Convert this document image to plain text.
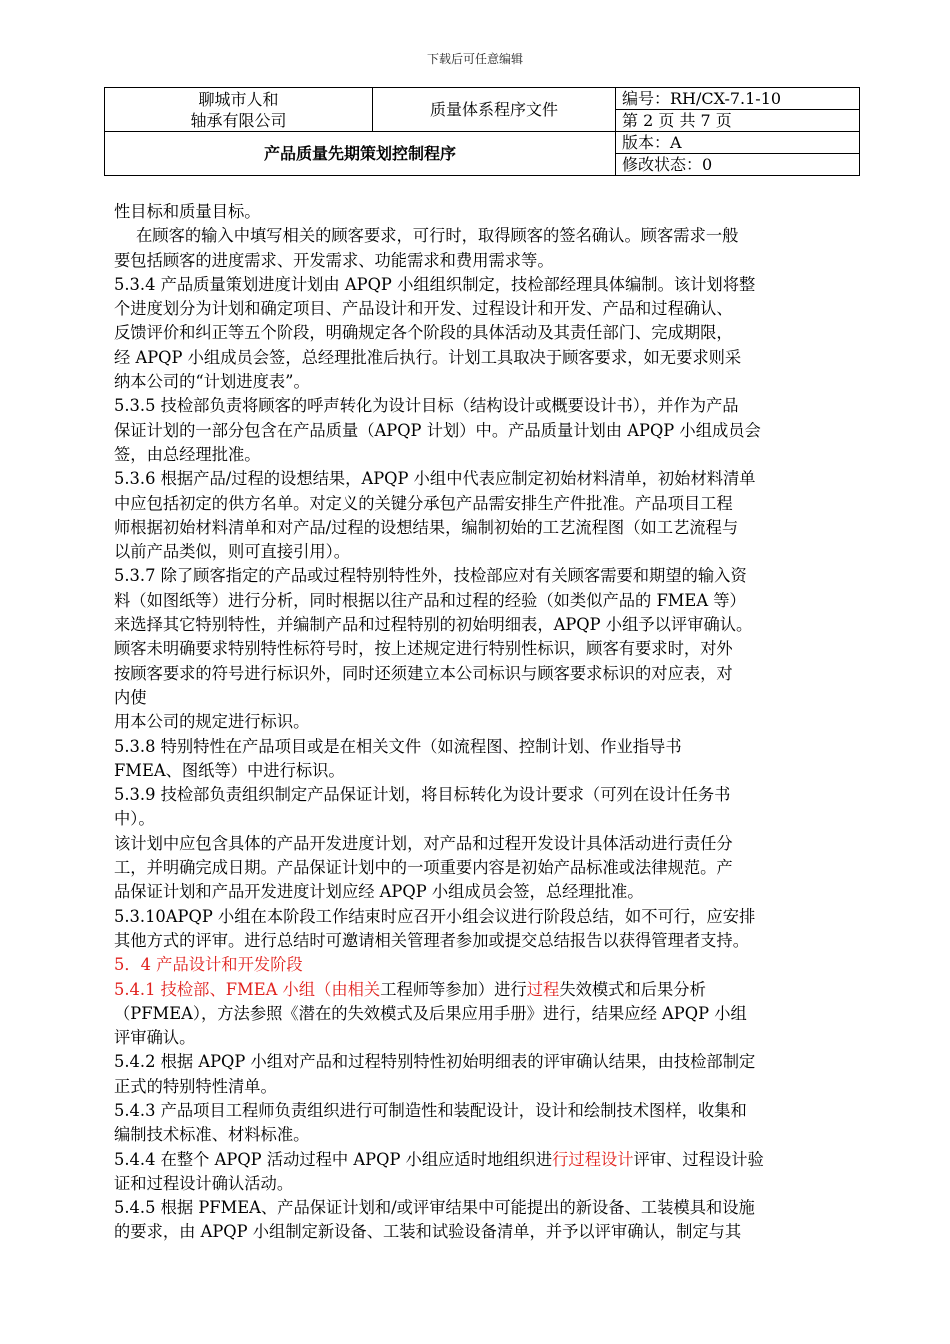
下载后可任意编辑
聊城市人和
轴承有限公司	质量体系程序文件	编号：RH/CX-7.1-10
		第 2 页 共 7 页
产品质量先期策划控制程序		版本：A
		修改状态：0

性目标和质量目标。

在顾客的输入中填写相关的顾客要求，可行时，取得顾客的签名确认。顾客需求一般

要包括顾客的进度需求、开发需求、功能需求和费用需求等。

5.3.4 产品质量策划进度计划由 APQP 小组组织制定，技检部经理具体编制。该计划将整

个进度划分为计划和确定项目、产品设计和开发、过程设计和开发、产品和过程确认、

反馈评价和纠正等五个阶段，明确规定各个阶段的具体活动及其责任部门、完成期限，

经 APQP 小组成员会签，总经理批准后执行。计划工具取决于顾客要求，如无要求则采

纳本公司的“计划进度表”。

5.3.5 技检部负责将顾客的呼声转化为设计目标（结构设计或概要设计书），并作为产品

保证计划的一部分包含在产品质量（APQP 计划）中。产品质量计划由 APQP 小组成员会

签，由总经理批准。

5.3.6 根据产品/过程的设想结果，APQP 小组中代表应制定初始材料清单，初始材料清单

中应包括初定的供方名单。对定义的关键分承包产品需安排生产件批准。产品项目工程

师根据初始材料清单和对产品/过程的设想结果，编制初始的工艺流程图（如工艺流程与

以前产品类似，则可直接引用）。

5.3.7 除了顾客指定的产品或过程特别特性外，技检部应对有关顾客需要和期望的输入资

料（如图纸等）进行分析，同时根据以往产品和过程的经验（如类似产品的 FMEA 等）

来选择其它特别特性，并编制产品和过程特别的初始明细表，APQP 小组予以评审确认。

顾客未明确要求特别特性标符号时，按上述规定进行特别性标识，顾客有要求时，对外

按顾客要求的符号进行标识外，同时还须建立本公司标识与顾客要求标识的对应表，对

内使

用本公司的规定进行标识。

5.3.8 特别特性在产品项目或是在相关文件（如流程图、控制计划、作业指导书

FMEA、图纸等）中进行标识。

5.3.9 技检部负责组织制定产品保证计划，将目标转化为设计要求（可列在设计任务书

中）。

该计划中应包含具体的产品开发进度计划，对产品和过程开发设计具体活动进行责任分

工，并明确完成日期。产品保证计划中的一项重要内容是初始产品标准或法律规范。产

品保证计划和产品开发进度计划应经 APQP 小组成员会签，总经理批准。

5.3.10APQP 小组在本阶段工作结束时应召开小组会议进行阶段总结，如不可行，应安排

其他方式的评审。进行总结时可邀请相关管理者参加或提交总结报告以获得管理者支持。

5．4 产品设计和开发阶段

5.4.1 技检部、FMEA 小组（由相关工程师等参加）进行过程失效模式和后果分析

（PFMEA），方法参照《潜在的失效模式及后果应用手册》进行，结果应经 APQP 小组

评审确认。

5.4.2 根据 APQP 小组对产品和过程特别特性初始明细表的评审确认结果，由技检部制定

正式的特别特性清单。

5.4.3 产品项目工程师负责组织进行可制造性和装配设计，设计和绘制技术图样，收集和

编制技术标准、材料标准。

5.4.4 在整个 APQP 活动过程中 APQP 小组应适时地组织进行过程设计评审、过程设计验

证和过程设计确认活动。

5.4.5 根据 PFMEA、产品保证计划和/或评审结果中可能提出的新设备、工装模具和设施

的要求，由 APQP 小组制定新设备、工装和试验设备清单，并予以评审确认，制定与其
